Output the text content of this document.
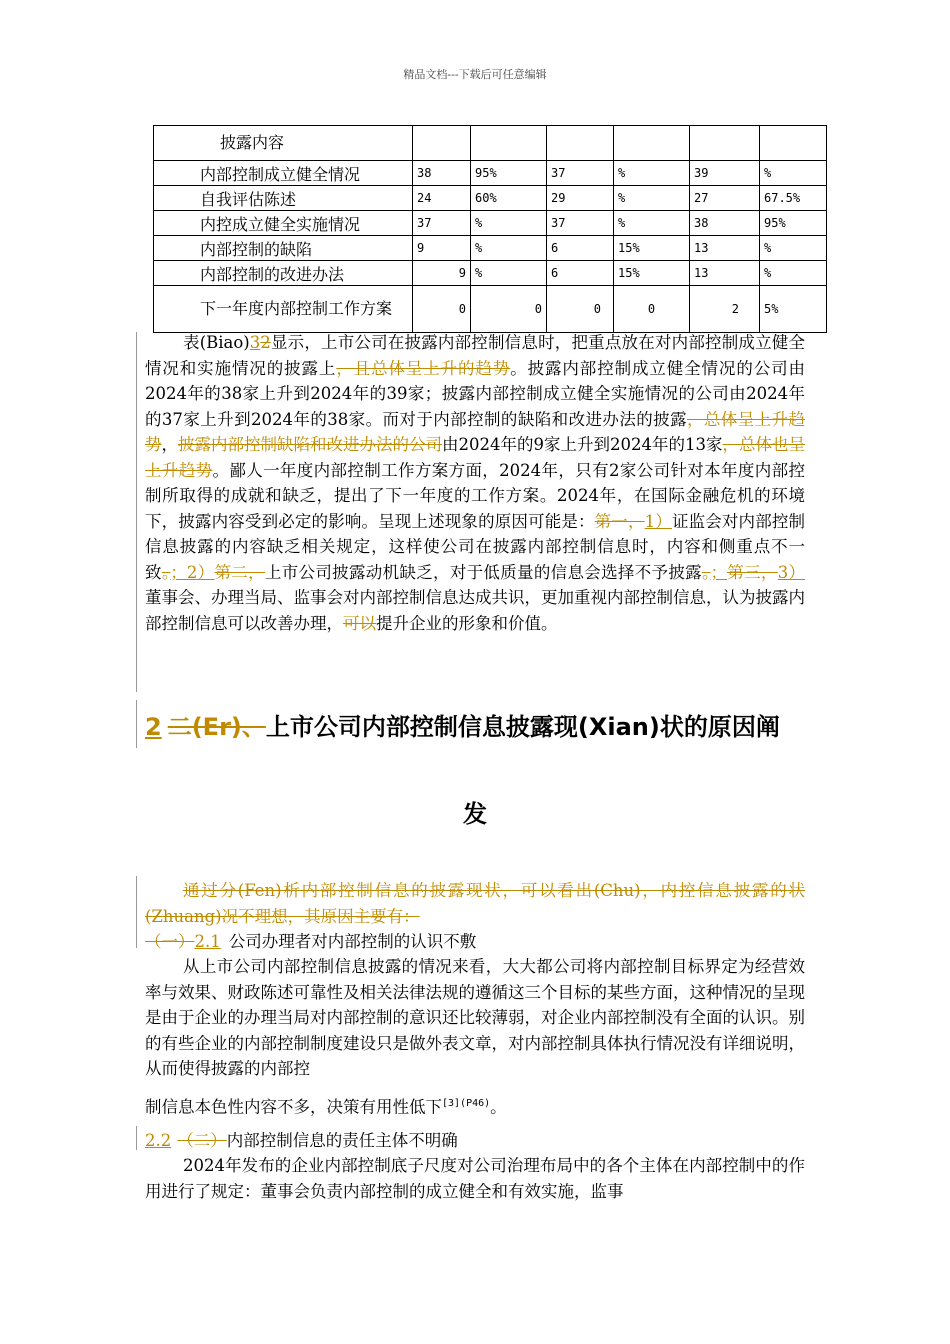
精品文档---下载后可任意编辑
披露内容						
内部控制成立健全情况	38	95%	37	%	39	%
自我评估陈述	24	60%	29	%	27	67.5%
内控成立健全实施情况	37	%	37	%	38	95%
内部控制的缺陷	9	%	6	15%	13	%
内部控制的改进办法	9	%	6	15%	13	%
下一年度内部控制工作方案	0	0	0	0	2	5%
表(Biao)32显示，上市公司在披露内部控制信息时，把重点放在对内部控制成立健全情况和实施情况的披露上，且总体呈上升的趋势。披露内部控制成立健全情况的公司由2024年的38家上升到2024年的39家；披露内部控制成立健全实施情况的公司由2024年的37家上升到2024年的38家。而对于内部控制的缺陷和改进办法的披露，总体呈上升趋势，披露内部控制缺陷和改进办法的公司由2024年的9家上升到2024年的13家，总体也呈上升趋势。鄙人一年度内部控制工作方案方面，2024年，只有2家公司针对本年度内部控制所取得的成就和缺乏，提出了下一年度的工作方案。2024年，在国际金融危机的环境下，披露内容受到必定的影响。呈现上述现象的原因可能是：第一，1）证监会对内部控制信息披露的内容缺乏相关规定，这样使公司在披露内部控制信息时，内容和侧重点不一致。；2）第二，上市公司披露动机缺乏，对于低质量的信息会选择不予披露。；第三，3）董事会、办理当局、监事会对内部控制信息达成共识，更加重视内部控制信息，认为披露内部控制信息可以改善办理，可以提升企业的形象和价值。
2 二(Er)、上市公司内部控制信息披露现(Xian)状的原因阐
发
通过分(Fen)析内部控制信息的披露现状，可以看出(Chu)，内控信息披露的状(Zhuang)况不理想，其原因主要有：
（一）2.1 公司办理者对内部控制的认识不敷
从上市公司内部控制信息披露的情况来看，大大都公司将内部控制目标界定为经营效率与效果、财政陈述可靠性及相关法律法规的遵循这三个目标的某些方面，这种情况的呈现是由于企业的办理当局对内部控制的意识还比较薄弱，对企业内部控制没有全面的认识。别的有些企业的内部控制制度建设只是做外表文章，对内部控制具体执行情况没有详细说明，从而使得披露的内部控
制信息本色性内容不多，决策有用性低下$^{[3](P46)}$。
2.2 （二）内部控制信息的责任主体不明确
2024年发布的企业内部控制底子尺度对公司治理布局中的各个主体在内部控制中的作用进行了规定：董事会负责内部控制的成立健全和有效实施，监事
